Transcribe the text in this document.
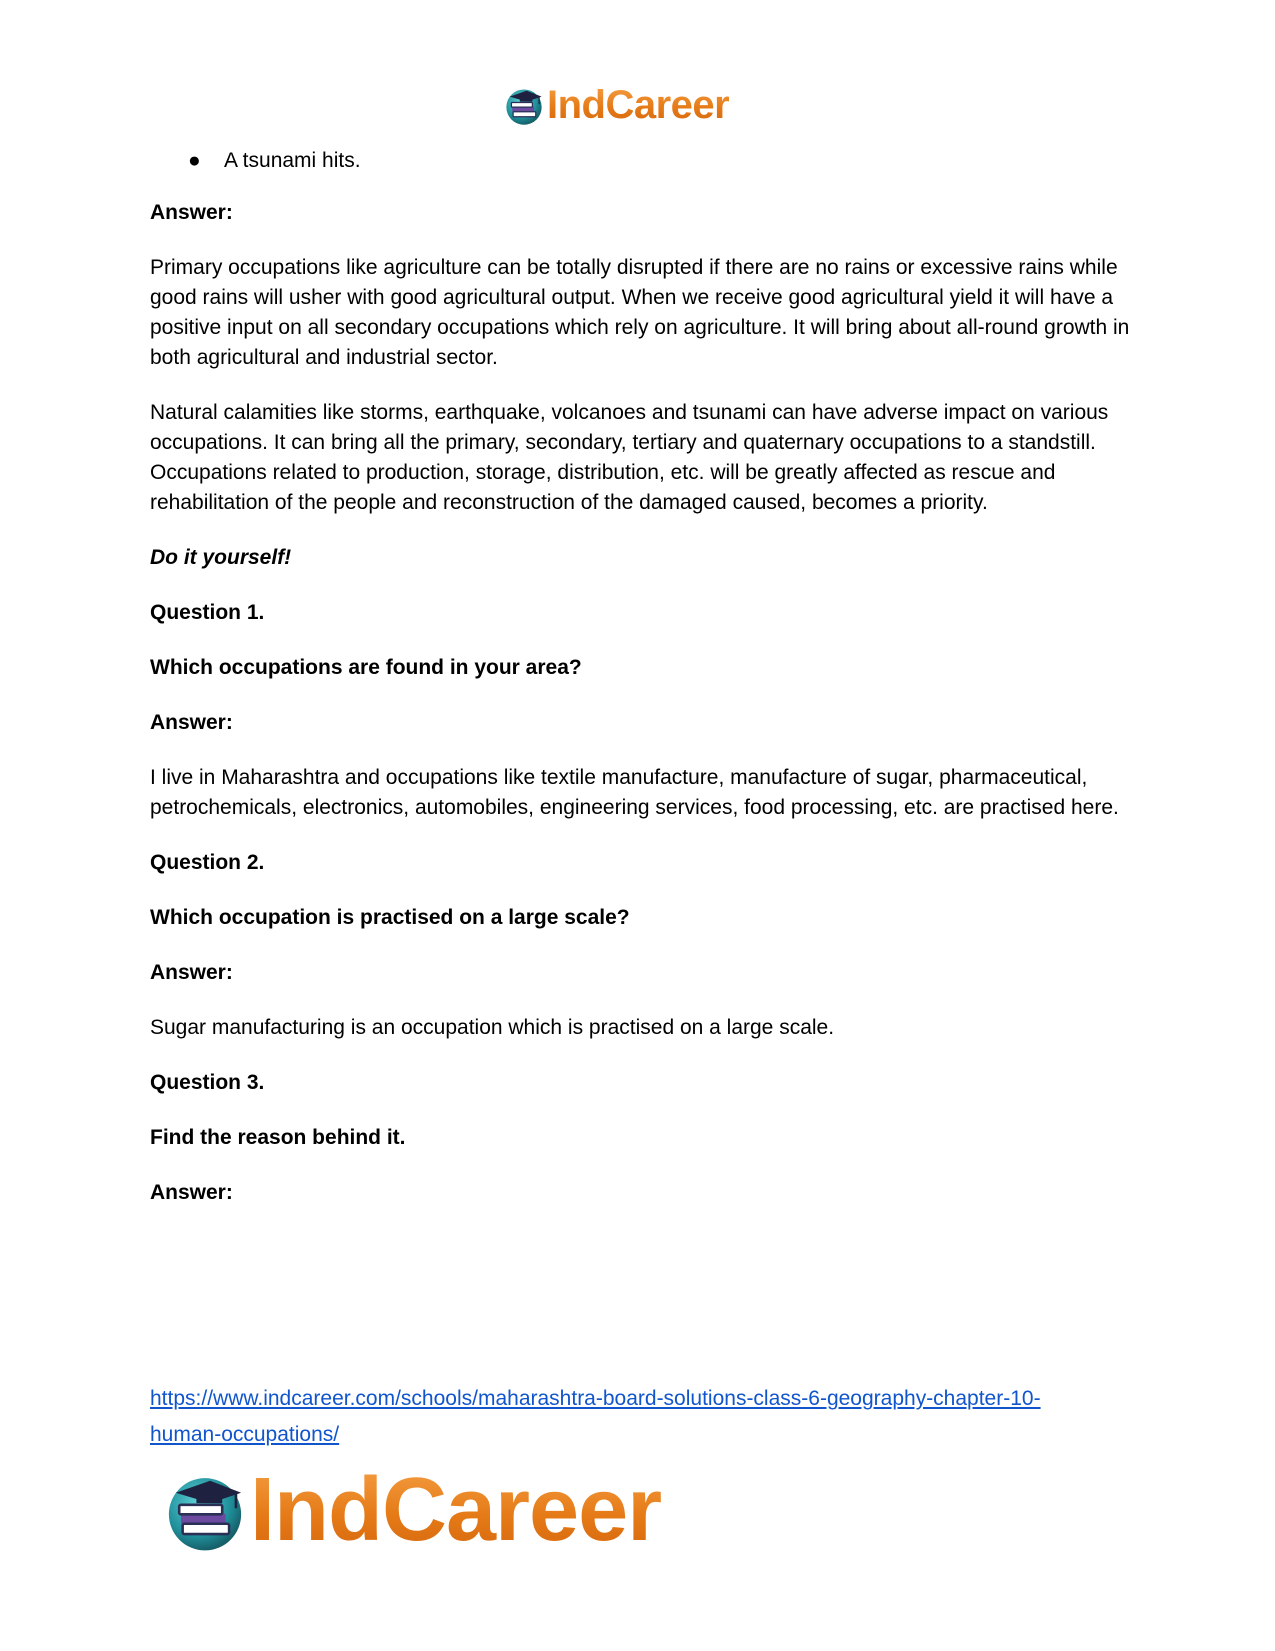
IndCareer
● A tsunami hits.

Answer:

Primary occupations like agriculture can be totally disrupted if there are no rains or excessive rains while good rains will usher with good agricultural output. When we receive good agricultural yield it will have a positive input on all secondary occupations which rely on agriculture. It will bring about all-round growth in both agricultural and industrial sector.

Natural calamities like storms, earthquake, volcanoes and tsunami can have adverse impact on various occupations. It can bring all the primary, secondary, tertiary and quaternary occupations to a standstill. Occupations related to production, storage, distribution, etc. will be greatly affected as rescue and rehabilitation of the people and reconstruction of the damaged caused, becomes a priority.

Do it yourself!

Question 1.

Which occupations are found in your area?

Answer:

I live in Maharashtra and occupations like textile manufacture, manufacture of sugar, pharmaceutical, petrochemicals, electronics, automobiles, engineering services, food processing, etc. are practised here.

Question 2.

Which occupation is practised on a large scale?

Answer:

Sugar manufacturing is an occupation which is practised on a large scale.

Question 3.

Find the reason behind it.

Answer:

https://www.indcareer.com/schools/maharashtra-board-solutions-class-6-geography-chapter-10-
human-occupations/
IndCareer
